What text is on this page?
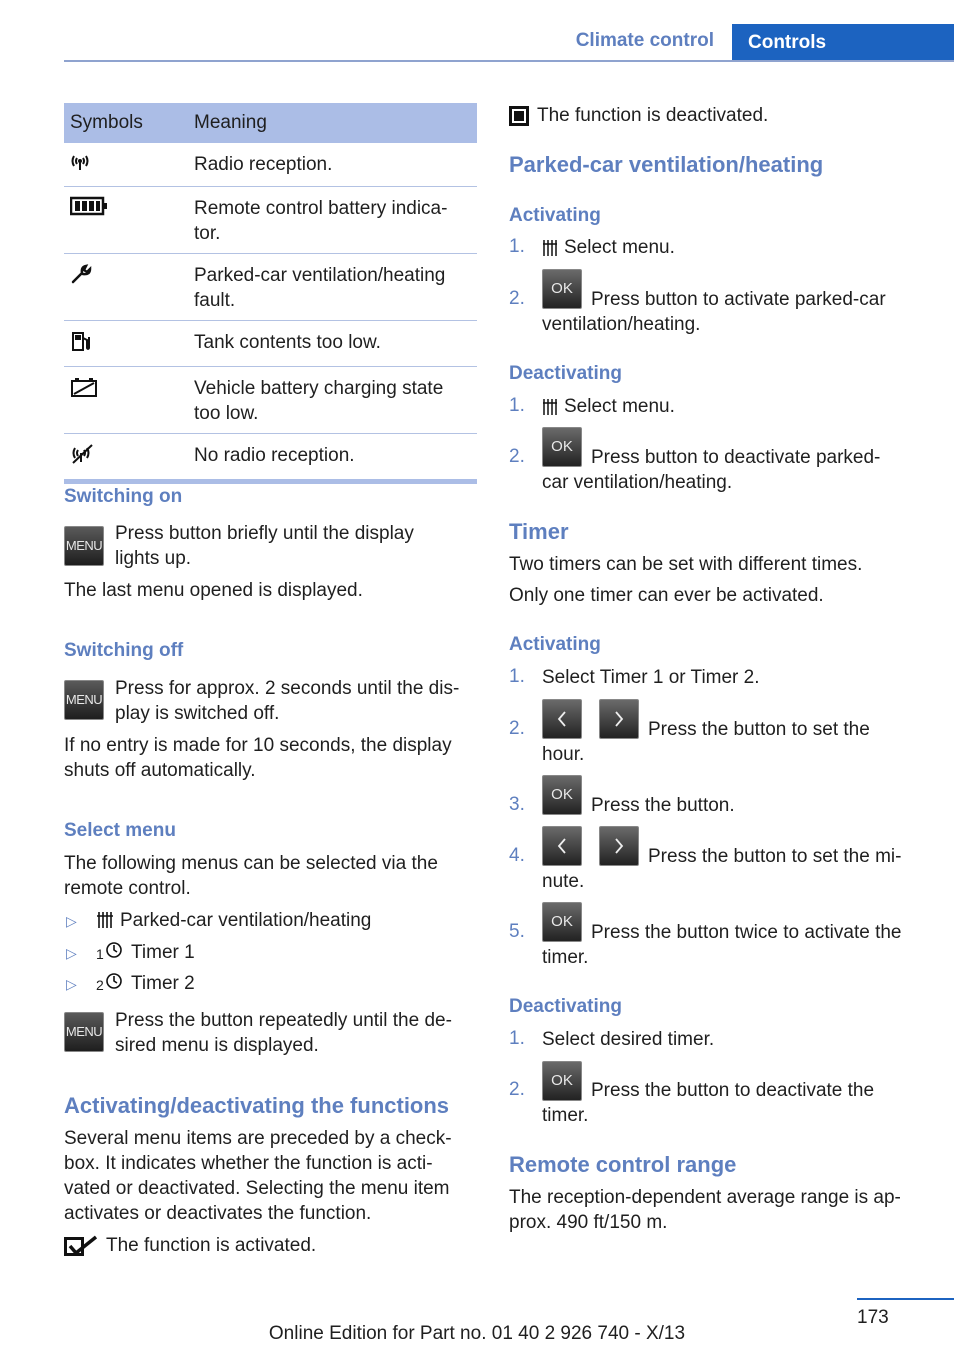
Climate control	Controls
Symbols	Meaning
	Radio reception.
	Remote control battery indica-
tor.
	Parked-car ventilation/heating
fault.
	Tank contents too low.
	Vehicle battery charging state
too low.
	No radio reception.
Switching on
MENU
Press button briefly until the display
lights up.
The last menu opened is displayed.
Switching off
MENU
Press for approx. 2 seconds until the dis-
play is switched off.
If no entry is made for 10 seconds, the display
shuts off automatically.
Select menu
The following menus can be selected via the
remote control.
▷ Parked-car ventilation/heating
▷ 1 Timer 1
▷ 2 Timer 2
MENU
Press the button repeatedly until the de-
sired menu is displayed.
Activating/deactivating the functions
Several menu items are preceded by a check-
box. It indicates whether the function is acti-
vated or deactivated. Selecting the menu item
activates or deactivates the function.
The function is activated.
The function is deactivated.
Parked-car ventilation/heating
Activating
1. Select menu.
2.	OK
Press button to activate parked-car
ventilation/heating.
Deactivating
1. Select menu.
2.	OK
Press button to deactivate parked-
car ventilation/heating.
Timer
Two timers can be set with different times.
Only one timer can ever be activated.
Activating
1. Select Timer 1 or Timer 2.
2.	Press the button to set the
hour.
3.	OK
Press the button.
4.	Press the button to set the mi-
nute.
5.	OK
Press the button twice to activate the
timer.
Deactivating
1. Select desired timer.
2.	OK Press the button to deactivate the
timer.
Remote control range
The reception-dependent average range is ap-
prox. 490 ft/150 m.
173
Online Edition for Part no. 01 40 2 926 740 - X/13
